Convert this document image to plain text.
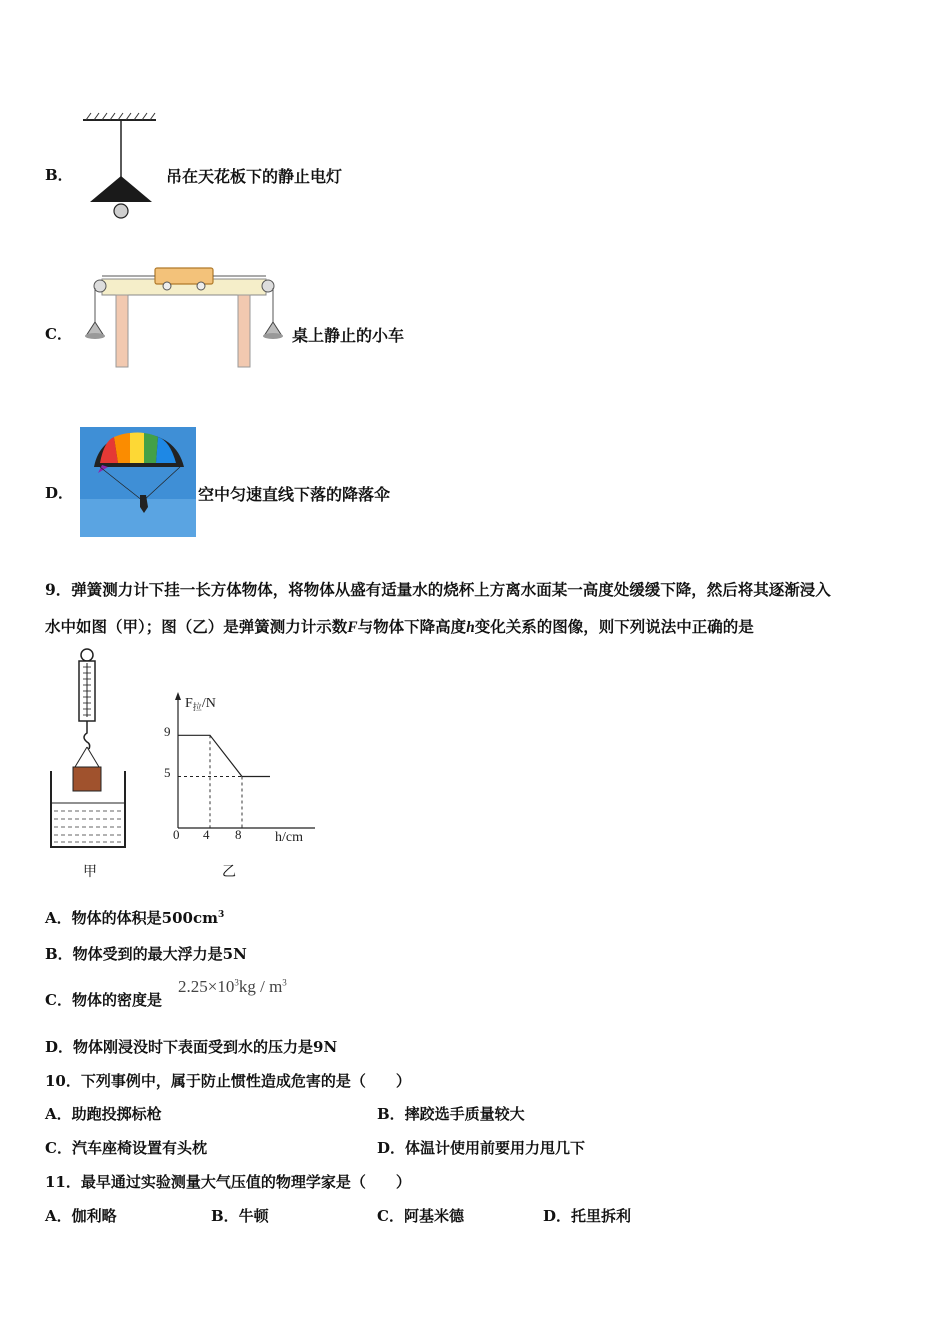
B．	吊在天花板下的静止电灯
C．	桌上静止的小车
D．	空中匀速直线下落的降落伞
9．弹簧测力计下挂一长方体物体，将物体从盛有适量水的烧杯上方离水面某一高度处缓缓下降，然后将其逐渐浸入
水中如图（甲）；图（乙）是弹簧测力计示数F与物体下降高度h变化关系的图像，则下列说法中正确的是
甲
$F_拉/N$
h/cm
9
5
0 4 8
乙
A．物体的体积是$500cm^3$
B．物体受到的最大浮力是5N
C．物体的密度是
$2.25\times 10^3kg / m^3$
D．物体刚浸没时下表面受到水的压力是9N
10．下列事例中，属于防止惯性造成危害的是（　　）
A．助跑投掷标枪	B．摔跤选手质量较大
C．汽车座椅设置有头枕	D．体温计使用前要用力甩几下
11．最早通过实验测量大气压值的物理学家是（　　）
A．伽利略	B．牛顿	C．阿基米德	D．托里拆利
